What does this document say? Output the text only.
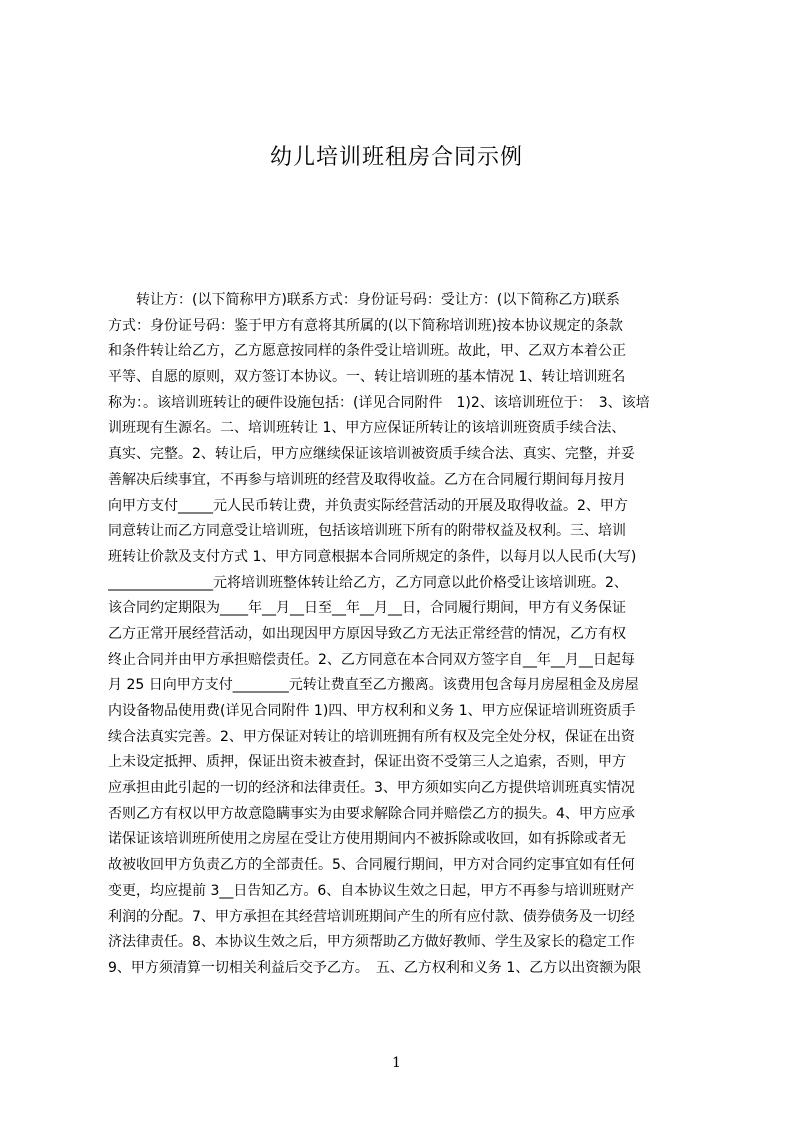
幼儿培训班租房合同示例
转让方：(以下简称甲方)联系方式：身份证号码：受让方：(以下简称乙方)联系
方式：身份证号码：鉴于甲方有意将其所属的(以下简称培训班)按本协议规定的条款
和条件转让给乙方，乙方愿意按同样的条件受让培训班。故此，甲、乙双方本着公正
平等、自愿的原则，双方签订本协议。一、转让培训班的基本情况 1、转让培训班名
称为：。该培训班转让的硬件设施包括：(详见合同附件　1)2、该培训班位于：　3、该培
训班现有生源名。二、培训班转让 1、甲方应保证所转让的该培训班资质手续合法、
真实、完整。2、转让后，甲方应继续保证该培训被资质手续合法、真实、完整，并妥
善解决后续事宜，不再参与培训班的经营及取得收益。乙方在合同履行期间每月按月
向甲方支付_____元人民币转让费，并负责实际经营活动的开展及取得收益。2、甲方
同意转让而乙方同意受让培训班，包括该培训班下所有的附带权益及权利。三、培训
班转让价款及支付方式 1、甲方同意根据本合同所规定的条件，以每月以人民币(大写)
_______________元将培训班整体转让给乙方，乙方同意以此价格受让该培训班。2、
该合同约定期限为____年__月__日至__年__月__日，合同履行期间，甲方有义务保证
乙方正常开展经营活动，如出现因甲方原因导致乙方无法正常经营的情况，乙方有权
终止合同并由甲方承担赔偿责任。2、乙方同意在本合同双方签字自__年__月__日起每
月 25 日向甲方支付________元转让费直至乙方搬离。该费用包含每月房屋租金及房屋
内设备物品使用费(详见合同附件 1)四、甲方权利和义务 1、甲方应保证培训班资质手
续合法真实完善。2、甲方保证对转让的培训班拥有所有权及完全处分权，保证在出资
上未设定抵押、质押，保证出资未被查封，保证出资不受第三人之追索，否则，甲方
应承担由此引起的一切的经济和法律责任。3、甲方须如实向乙方提供培训班真实情况
否则乙方有权以甲方故意隐瞒事实为由要求解除合同并赔偿乙方的损失。4、甲方应承
诺保证该培训班所使用之房屋在受让方使用期间内不被拆除或收回，如有拆除或者无
故被收回甲方负责乙方的全部责任。5、合同履行期间，甲方对合同约定事宜如有任何
变更，均应提前 3__日告知乙方。6、自本协议生效之日起，甲方不再参与培训班财产
利润的分配。7、甲方承担在其经营培训班期间产生的所有应付款、债券债务及一切经
济法律责任。8、本协议生效之后，甲方须帮助乙方做好教师、学生及家长的稳定工作
9、甲方须清算一切相关利益后交予乙方。　五、乙方权利和义务 1、乙方以出资额为限
1
